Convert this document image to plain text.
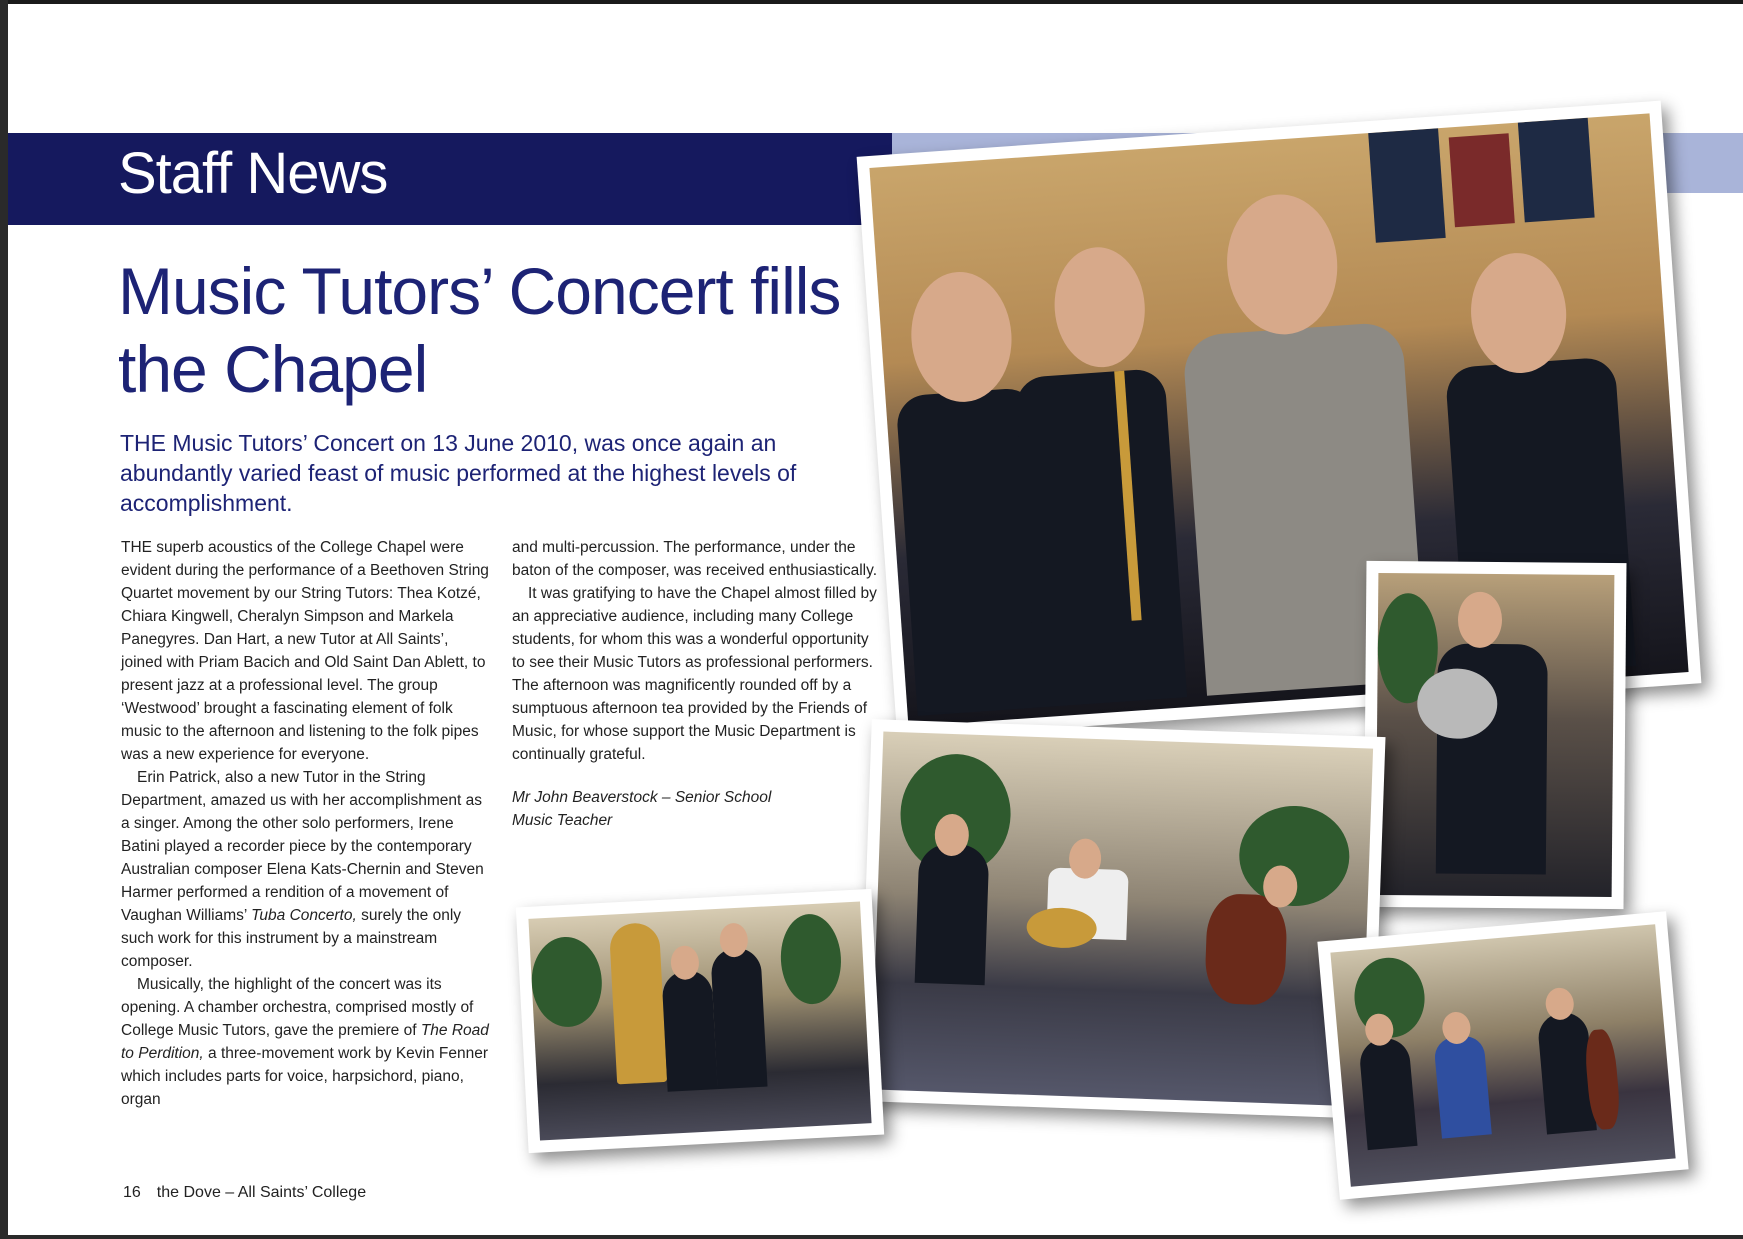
Staff News
Music Tutors’ Concert fills the Chapel

THE Music Tutors’ Concert on 13 June 2010, was once again an abundantly varied feast of music performed at the highest levels of accomplishment.

THE superb acoustics of the College Chapel were evident during the performance of a Beethoven String Quartet movement by our String Tutors: Thea Kotzé, Chiara Kingwell, Cheralyn Simpson and Markela Panegyres. Dan Hart, a new Tutor at All Saints’, joined with Priam Bacich and Old Saint Dan Ablett, to present jazz at a professional level. The group ‘Westwood’ brought a fascinating element of folk music to the afternoon and listening to the folk pipes was a new experience for everyone.

Erin Patrick, also a new Tutor in the String Department, amazed us with her accomplishment as a singer. Among the other solo performers, Irene Batini played a recorder piece by the contemporary Australian composer Elena Kats-Chernin and Steven Harmer performed a rendition of a movement of Vaughan Williams’ Tuba Concerto, surely the only such work for this instrument by a mainstream composer.

Musically, the highlight of the concert was its opening. A chamber orchestra, comprised mostly of College Music Tutors, gave the premiere of The Road to Perdition, a three-movement work by Kevin Fenner which includes parts for voice, harpsichord, piano, organ

and multi-percussion. The performance, under the baton of the composer, was received enthusiastically.

It was gratifying to have the Chapel almost filled by an appreciative audience, including many College students, for whom this was a wonderful opportunity to see their Music Tutors as professional performers. The afternoon was magnificently rounded off by a sumptuous afternoon tea provided by the Friends of Music, for whose support the Music Department is continually grateful.

Mr John Beaverstock – Senior School
Music Teacher

16 the Dove – All Saints’ College
